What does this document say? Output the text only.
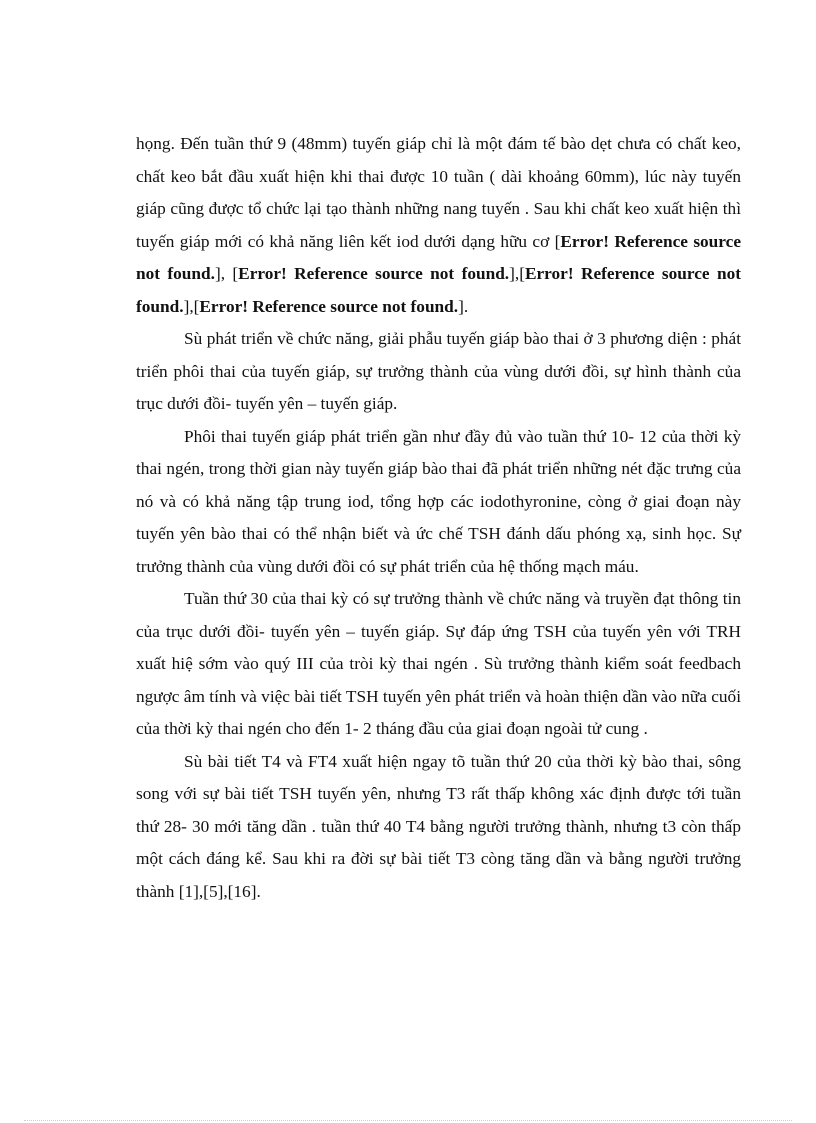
họng. Đến tuần thứ 9 (48mm) tuyến giáp chỉ là một đám tế bào dẹt chưa có chất keo, chất keo bắt đầu xuất hiện khi thai được 10 tuần ( dài khoảng 60mm), lúc này tuyến giáp cũng được tổ chức lại tạo thành những nang tuyến . Sau khi chất keo xuất hiện thì tuyến giáp mới có khả năng liên kết iod dưới dạng hữu cơ [Error! Reference source not found.], [Error! Reference source not found.],[Error! Reference source not found.],[Error! Reference source not found.].

Sù phát triển về chức năng, giải phẫu tuyến giáp bào thai ở 3 phương diện : phát triển phôi thai của tuyến giáp, sự trưởng thành của vùng dưới đồi, sự hình thành của trục dưới đồi- tuyến yên – tuyến giáp.

Phôi thai tuyến giáp phát triển gần như đầy đủ vào tuần thứ 10- 12 của thời kỳ thai ngén, trong thời gian này tuyến giáp bào thai đã phát triển những nét đặc trưng của nó và có khả năng tập trung iod, tổng hợp các iodothyronine, còng ở giai đoạn này tuyến yên bào thai có thể nhận biết và ức chế TSH đánh dấu phóng xạ, sinh học. Sự trưởng thành của vùng dưới đồi có sự phát triển của hệ thống mạch máu.

Tuần thứ 30 của thai kỳ có sự trưởng thành về chức năng và truyền đạt thông tin của trục dưới đồi- tuyến yên – tuyến giáp. Sự đáp ứng TSH của tuyến yên với TRH xuất hiệ sớm vào quý III của tròi kỳ thai ngén . Sù trưởng thành kiểm soát feedbach ngược âm tính và việc bài tiết TSH tuyến yên phát triển và hoàn thiện dần vào nữa cuối của thời kỳ thai ngén cho đến 1- 2 tháng đầu của giai đoạn ngoài tử cung .

Sù bài tiết T4 và FT4 xuất hiện ngay tõ tuần thứ 20 của thời kỳ bào thai, sông song với sự bài tiết TSH tuyến yên, nhưng T3 rất thấp không xác định được tới tuần thứ 28- 30 mới tăng dần . tuần thứ 40 T4 bằng người trưởng thành, nhưng t3 còn thấp một cách đáng kể. Sau khi ra đời sự bài tiết T3 còng tăng dần và bằng người trưởng thành [1],[5],[16].
